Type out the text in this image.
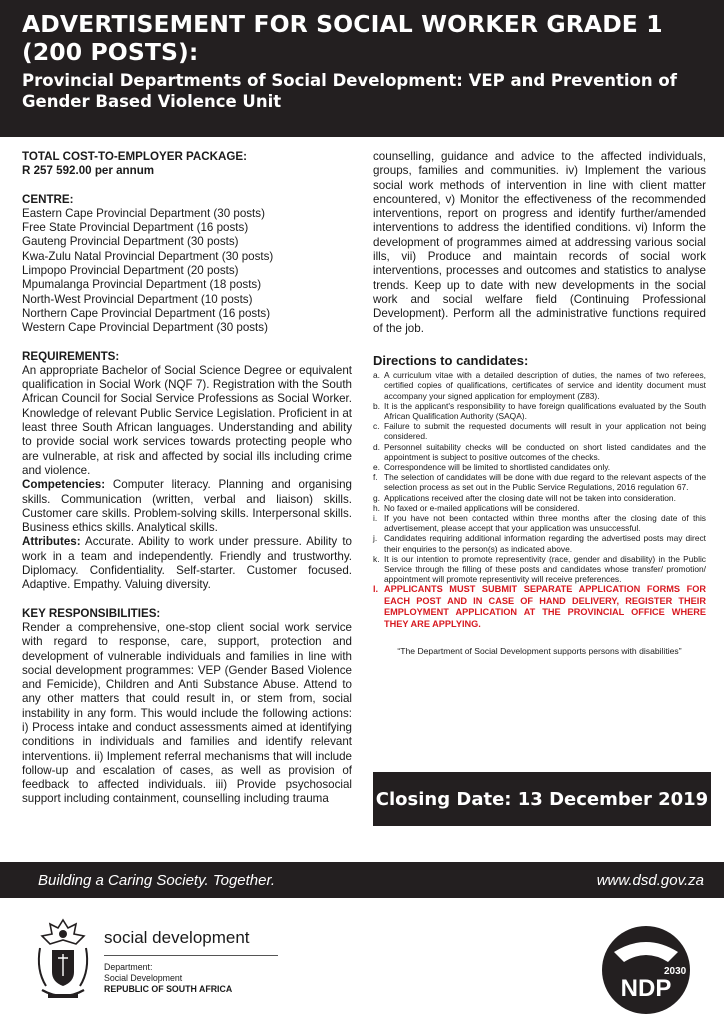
ADVERTISEMENT FOR SOCIAL WORKER GRADE 1 (200 POSTS):
Provincial Departments of Social Development: VEP and Prevention of Gender Based Violence Unit
TOTAL COST-TO-EMPLOYER PACKAGE:
R 257 592.00 per annum
CENTRE:
Eastern Cape Provincial Department (30 posts)
Free State Provincial Department (16 posts)
Gauteng Provincial Department (30 posts)
Kwa-Zulu Natal Provincial Department (30 posts)
Limpopo Provincial Department (20 posts)
Mpumalanga Provincial Department (18 posts)
North-West Provincial Department (10 posts)
Northern Cape Provincial Department (16 posts)
Western Cape Provincial Department (30 posts)
REQUIREMENTS:

An appropriate Bachelor of Social Science Degree or equivalent qualification in Social Work (NQF 7). Registration with the South African Council for Social Service Professions as Social Worker. Knowledge of relevant Public Service Legislation. Proficient in at least three South African languages. Understanding and ability to provide social work services towards protecting people who are vulnerable, at risk and affected by social ills including crime and violence.

Competencies: Computer literacy. Planning and organising skills. Communication (written, verbal and liaison) skills. Customer care skills. Problem-solving skills. Interpersonal skills. Business ethics skills. Analytical skills.

Attributes: Accurate. Ability to work under pressure. Ability to work in a team and independently. Friendly and trustworthy. Diplomacy. Confidentiality. Self-starter. Customer focused. Adaptive. Empathy. Valuing diversity.

KEY RESPONSIBILITIES:

Render a comprehensive, one-stop client social work service with regard to response, care, support, protection and development of vulnerable individuals and families in line with social development programmes: VEP (Gender Based Violence and Femicide), Children and Anti Substance Abuse. Attend to any other matters that could result in, or stem from, social instability in any form. This would include the following actions: i) Process intake and conduct assessments aimed at identifying conditions in individuals and families and identify relevant interventions. ii) Implement referral mechanisms that will include follow-up and escalation of cases, as well as provision of feedback to affected individuals. iii) Provide psychosocial support including containment, counselling including trauma

counselling, guidance and advice to the affected individuals, groups, families and communities. iv) Implement the various social work methods of intervention in line with client matter encountered, v) Monitor the effectiveness of the recommended interventions, report on progress and identify further/amended interventions to address the identified conditions. vi) Inform the development of programmes aimed at addressing various social ills, vii) Produce and maintain records of social work interventions, processes and outcomes and statistics to analyse trends. Keep up to date with new developments in the social work and social welfare field (Continuing Professional Development). Perform all the administrative functions required of the job.

Directions to candidates:
a. A curriculum vitae with a detailed description of duties, the names of two referees, certified copies of qualifications, certificates of service and identity document must accompany your signed application for employment (Z83).
b. It is the applicant's responsibility to have foreign qualifications evaluated by the South African Qualification Authority (SAQA).
c. Failure to submit the requested documents will result in your application not being considered.
d. Personnel suitability checks will be conducted on short listed candidates and the appointment is subject to positive outcomes of the checks.
e. Correspondence will be limited to shortlisted candidates only.
f. The selection of candidates will be done with due regard to the relevant aspects of the selection process as set out in the Public Service Regulations, 2016 regulation 67.
g. Applications received after the closing date will not be taken into consideration.
h. No faxed or e-mailed applications will be considered.
i. If you have not been contacted within three months after the closing date of this advertisement, please accept that your application was unsuccessful.
j. Candidates requiring additional information regarding the advertised posts may direct their enquiries to the person(s) as indicated above.
k. It is our intention to promote representivity (race, gender and disability) in the Public Service through the filling of these posts and candidates whose transfer/ promotion/ appointment will promote representivity will receive preferences.
l. APPLICANTS MUST SUBMIT SEPARATE APPLICATION FORMS FOR EACH POST AND IN CASE OF HAND DELIVERY, REGISTER THEIR EMPLOYMENT APPLICATION AT THE PROVINCIAL OFFICE WHERE THEY ARE APPLYING.
“The Department of Social Development supports persons with disabilities”
Closing Date: 13 December 2019
Building a Caring Society. Together.	www.dsd.gov.za
social development
Department:
Social Development
REPUBLIC OF SOUTH AFRICA
2030
NDP
